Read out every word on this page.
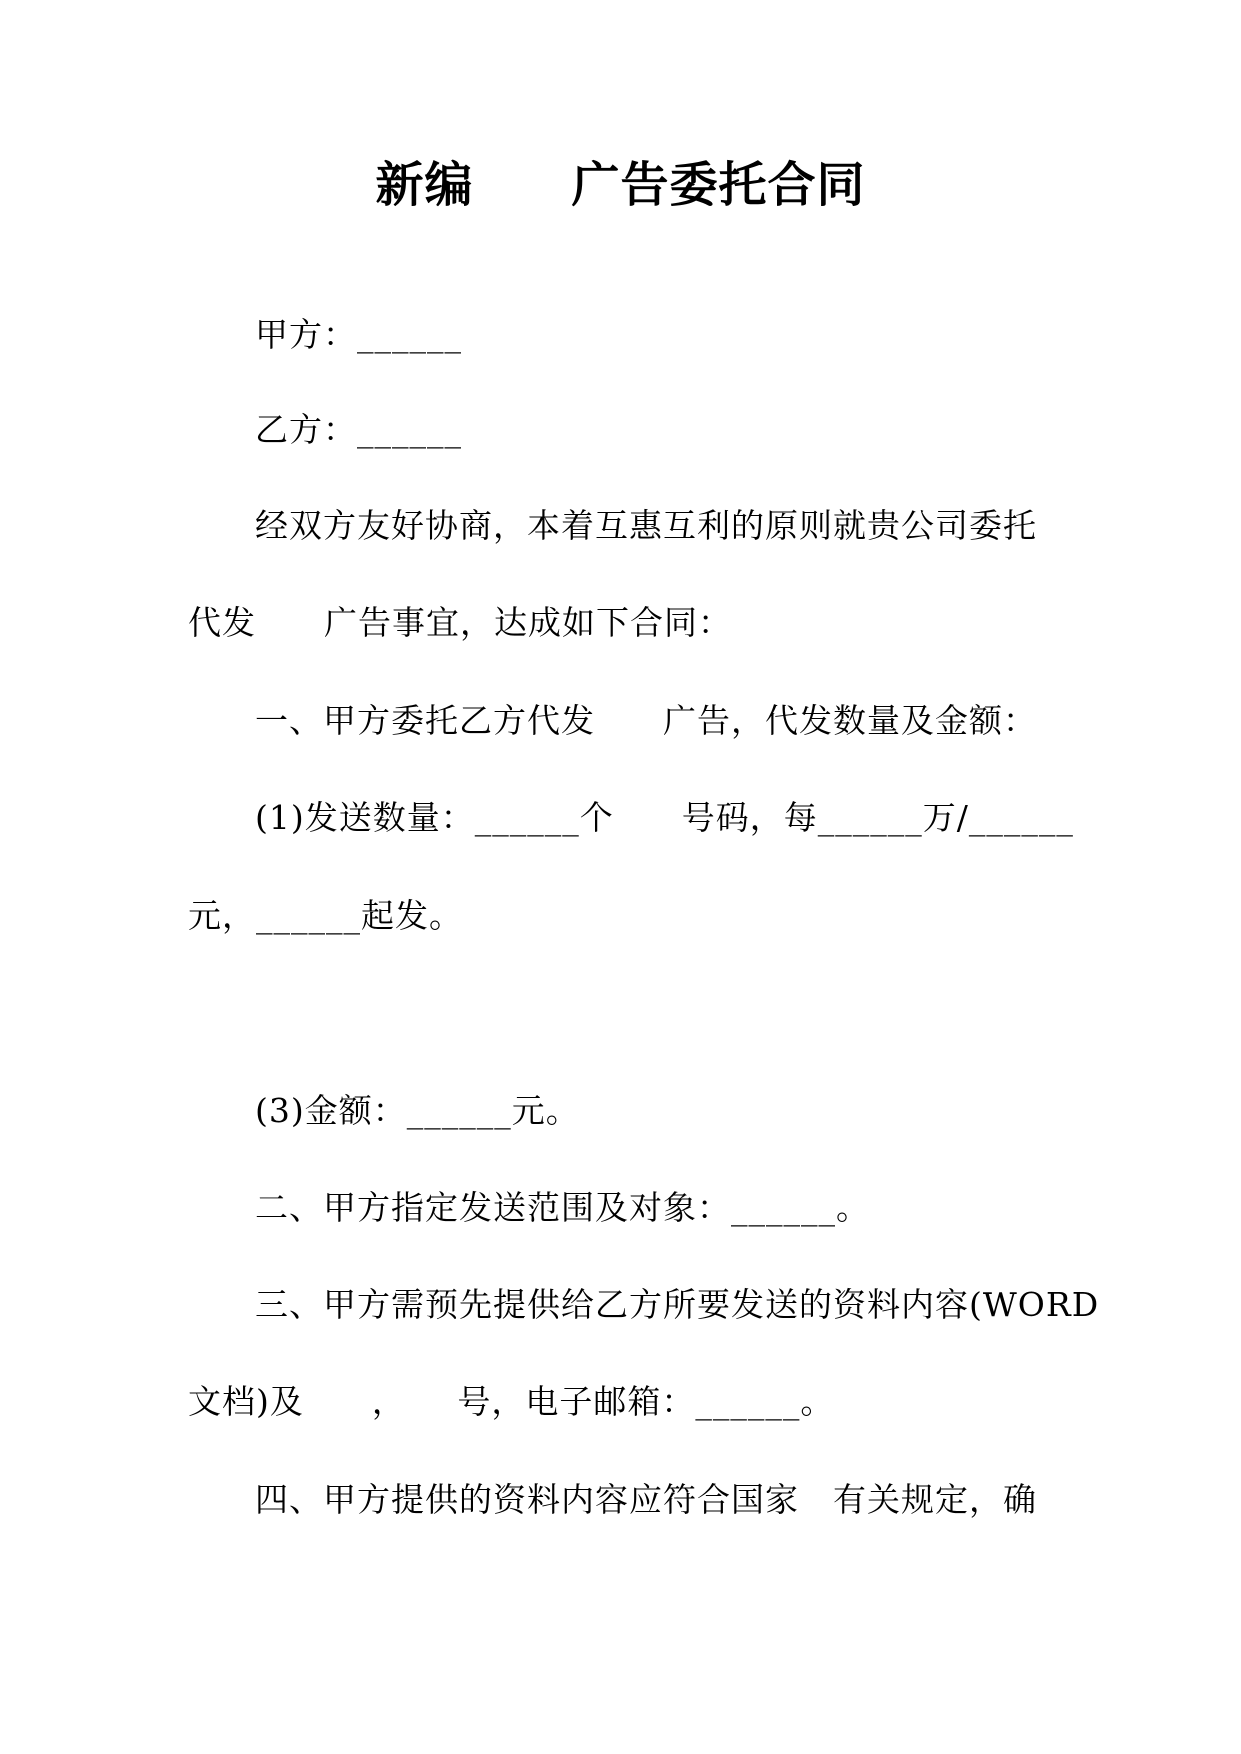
新编　　广告委托合同
甲方：______
乙方：______
经双方友好协商，本着互惠互利的原则就贵公司委托
代发　　广告事宜，达成如下合同：
一、甲方委托乙方代发　　广告，代发数量及金额：
(1)发送数量：______个　　号码，每______万/______
元，______起发。
(3)金额：______元。
二、甲方指定发送范围及对象：______。
三、甲方需预先提供给乙方所要发送的资料内容(WORD
文档)及　　，　　号，电子邮箱：______。
四、甲方提供的资料内容应符合国家　有关规定，确
